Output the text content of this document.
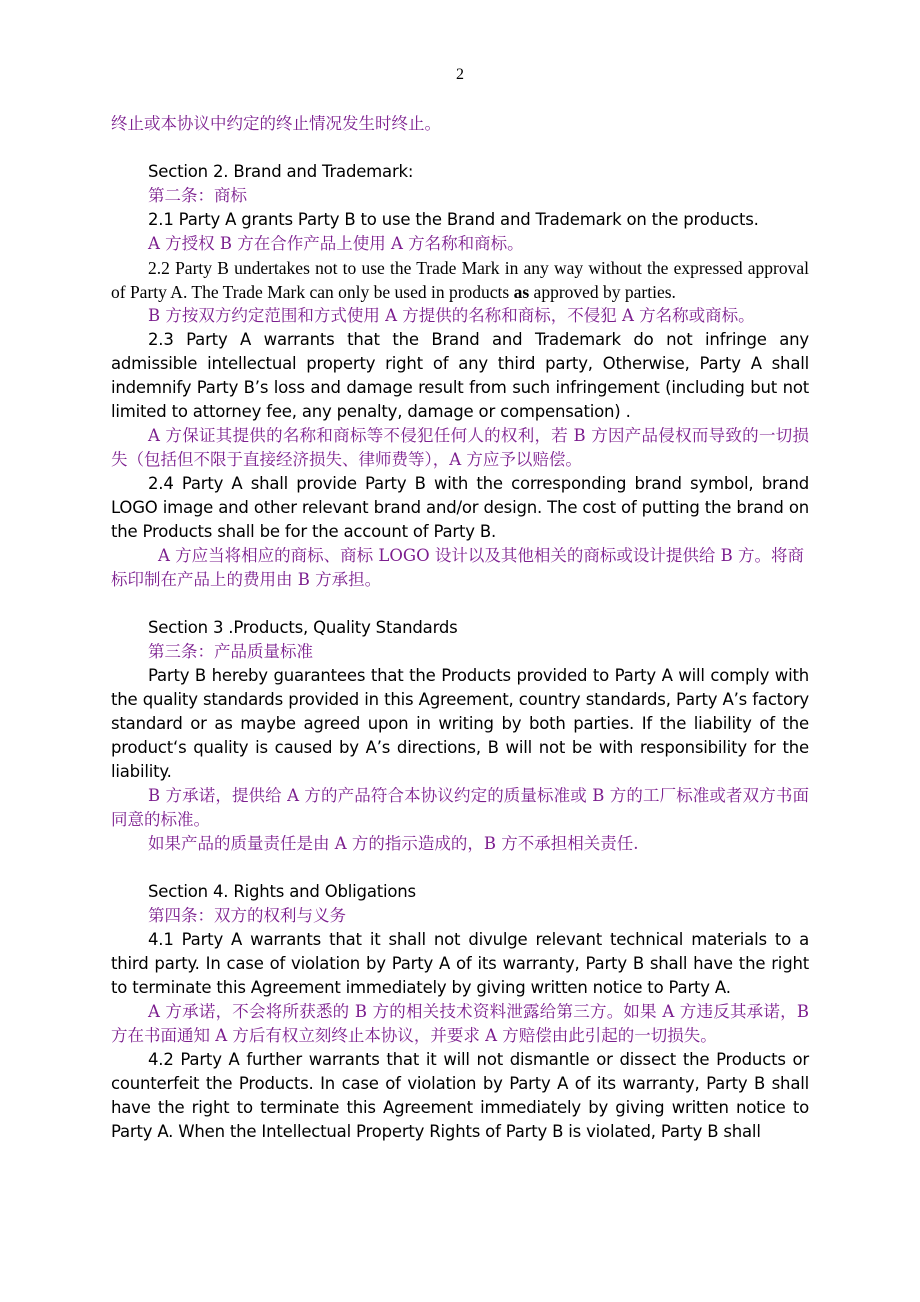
2

终止或本协议中约定的终止情况发生时终止。

Section 2. Brand and Trademark:

第二条：商标

2.1 Party A grants Party B to use the Brand and Trademark on the products.

A 方授权 B 方在合作产品上使用 A 方名称和商标。

2.2 Party B undertakes not to use the Trade Mark in any way without the expressed approval of Party A. The Trade Mark can only be used in products as approved by parties.

B 方按双方约定范围和方式使用 A 方提供的名称和商标，不侵犯 A 方名称或商标。

2.3 Party A warrants that the Brand and Trademark do not infringe any admissible intellectual property right of any third party, Otherwise, Party A shall indemnify Party B’s loss and damage result from such infringement (including but not limited to attorney fee, any penalty, damage or compensation) .

A 方保证其提供的名称和商标等不侵犯任何人的权利，若 B 方因产品侵权而导致的一切损失（包括但不限于直接经济损失、律师费等），A 方应予以赔偿。

2.4 Party A shall provide Party B with the corresponding brand symbol, brand LOGO image and other relevant brand and/or design. The cost of putting the brand on the Products shall be for the account of Party B.

A 方应当将相应的商标、商标 LOGO 设计以及其他相关的商标或设计提供给 B 方。将商标印制在产品上的费用由 B 方承担。

Section 3 .Products, Quality Standards

第三条：产品质量标准

Party B hereby guarantees that the Products provided to Party A will comply with the quality standards provided in this Agreement, country standards, Party A’s factory standard or as maybe agreed upon in writing by both parties. If the liability of the product‘s quality is caused by A’s directions, B will not be with responsibility for the liability.

B 方承诺，提供给 A 方的产品符合本协议约定的质量标准或 B 方的工厂标准或者双方书面同意的标准。

如果产品的质量责任是由 A 方的指示造成的，B 方不承担相关责任.

Section 4. Rights and Obligations

第四条：双方的权利与义务

4.1 Party A warrants that it shall not divulge relevant technical materials to a third party. In case of violation by Party A of its warranty, Party B shall have the right to terminate this Agreement immediately by giving written notice to Party A.

A 方承诺，不会将所获悉的 B 方的相关技术资料泄露给第三方。如果 A 方违反其承诺，B 方在书面通知 A 方后有权立刻终止本协议，并要求 A 方赔偿由此引起的一切损失。

4.2 Party A further warrants that it will not dismantle or dissect the Products or counterfeit the Products. In case of violation by Party A of its warranty, Party B shall have the right to terminate this Agreement immediately by giving written notice to Party A. When the Intellectual Property Rights of Party B is violated, Party B shall
